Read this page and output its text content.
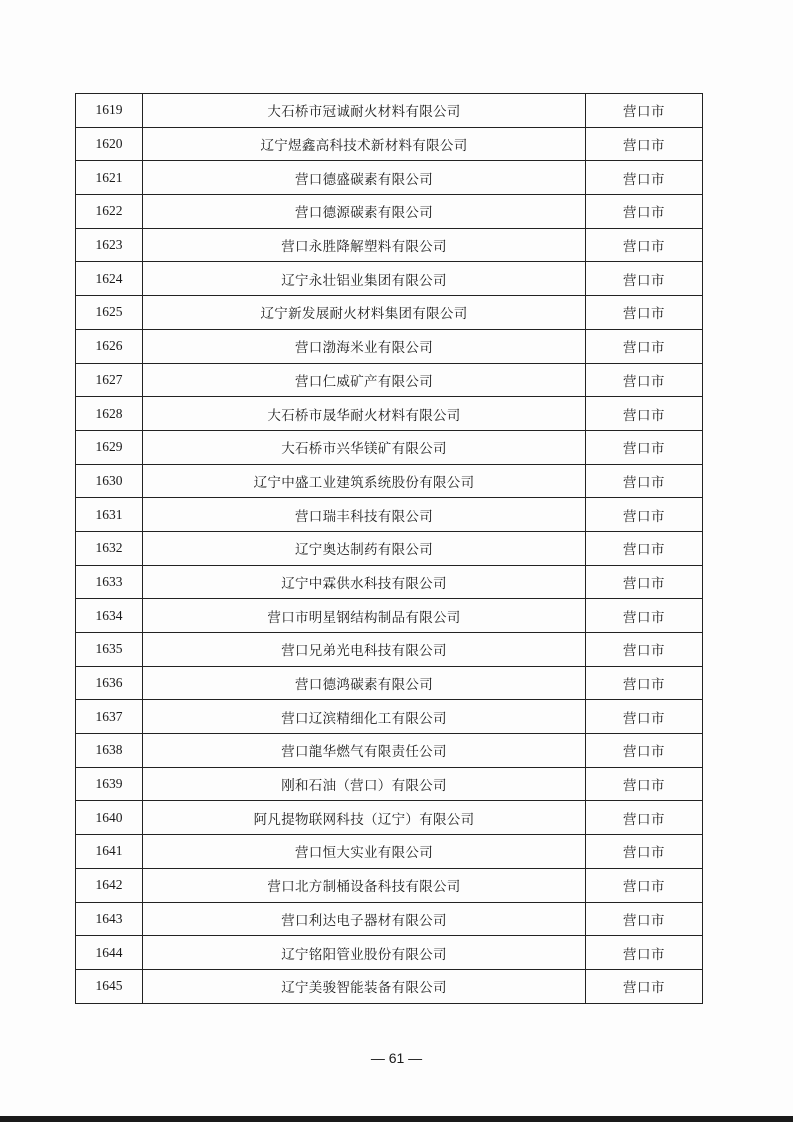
1619	大石桥市冠诚耐火材料有限公司	营口市
1620	辽宁煜鑫高科技术新材料有限公司	营口市
1621	营口德盛碳素有限公司	营口市
1622	营口德源碳素有限公司	营口市
1623	营口永胜降解塑料有限公司	营口市
1624	辽宁永壮铝业集团有限公司	营口市
1625	辽宁新发展耐火材料集团有限公司	营口市
1626	营口渤海米业有限公司	营口市
1627	营口仁威矿产有限公司	营口市
1628	大石桥市晟华耐火材料有限公司	营口市
1629	大石桥市兴华镁矿有限公司	营口市
1630	辽宁中盛工业建筑系统股份有限公司	营口市
1631	营口瑞丰科技有限公司	营口市
1632	辽宁奥达制药有限公司	营口市
1633	辽宁中霖供水科技有限公司	营口市
1634	营口市明星钢结构制品有限公司	营口市
1635	营口兄弟光电科技有限公司	营口市
1636	营口德鸿碳素有限公司	营口市
1637	营口辽滨精细化工有限公司	营口市
1638	营口龍华燃气有限责任公司	营口市
1639	刚和石油（营口）有限公司	营口市
1640	阿凡提物联网科技（辽宁）有限公司	营口市
1641	营口恒大实业有限公司	营口市
1642	营口北方制桶设备科技有限公司	营口市
1643	营口利达电子器材有限公司	营口市
1644	辽宁铭阳管业股份有限公司	营口市
1645	辽宁美骏智能装备有限公司	营口市
— 61 —
